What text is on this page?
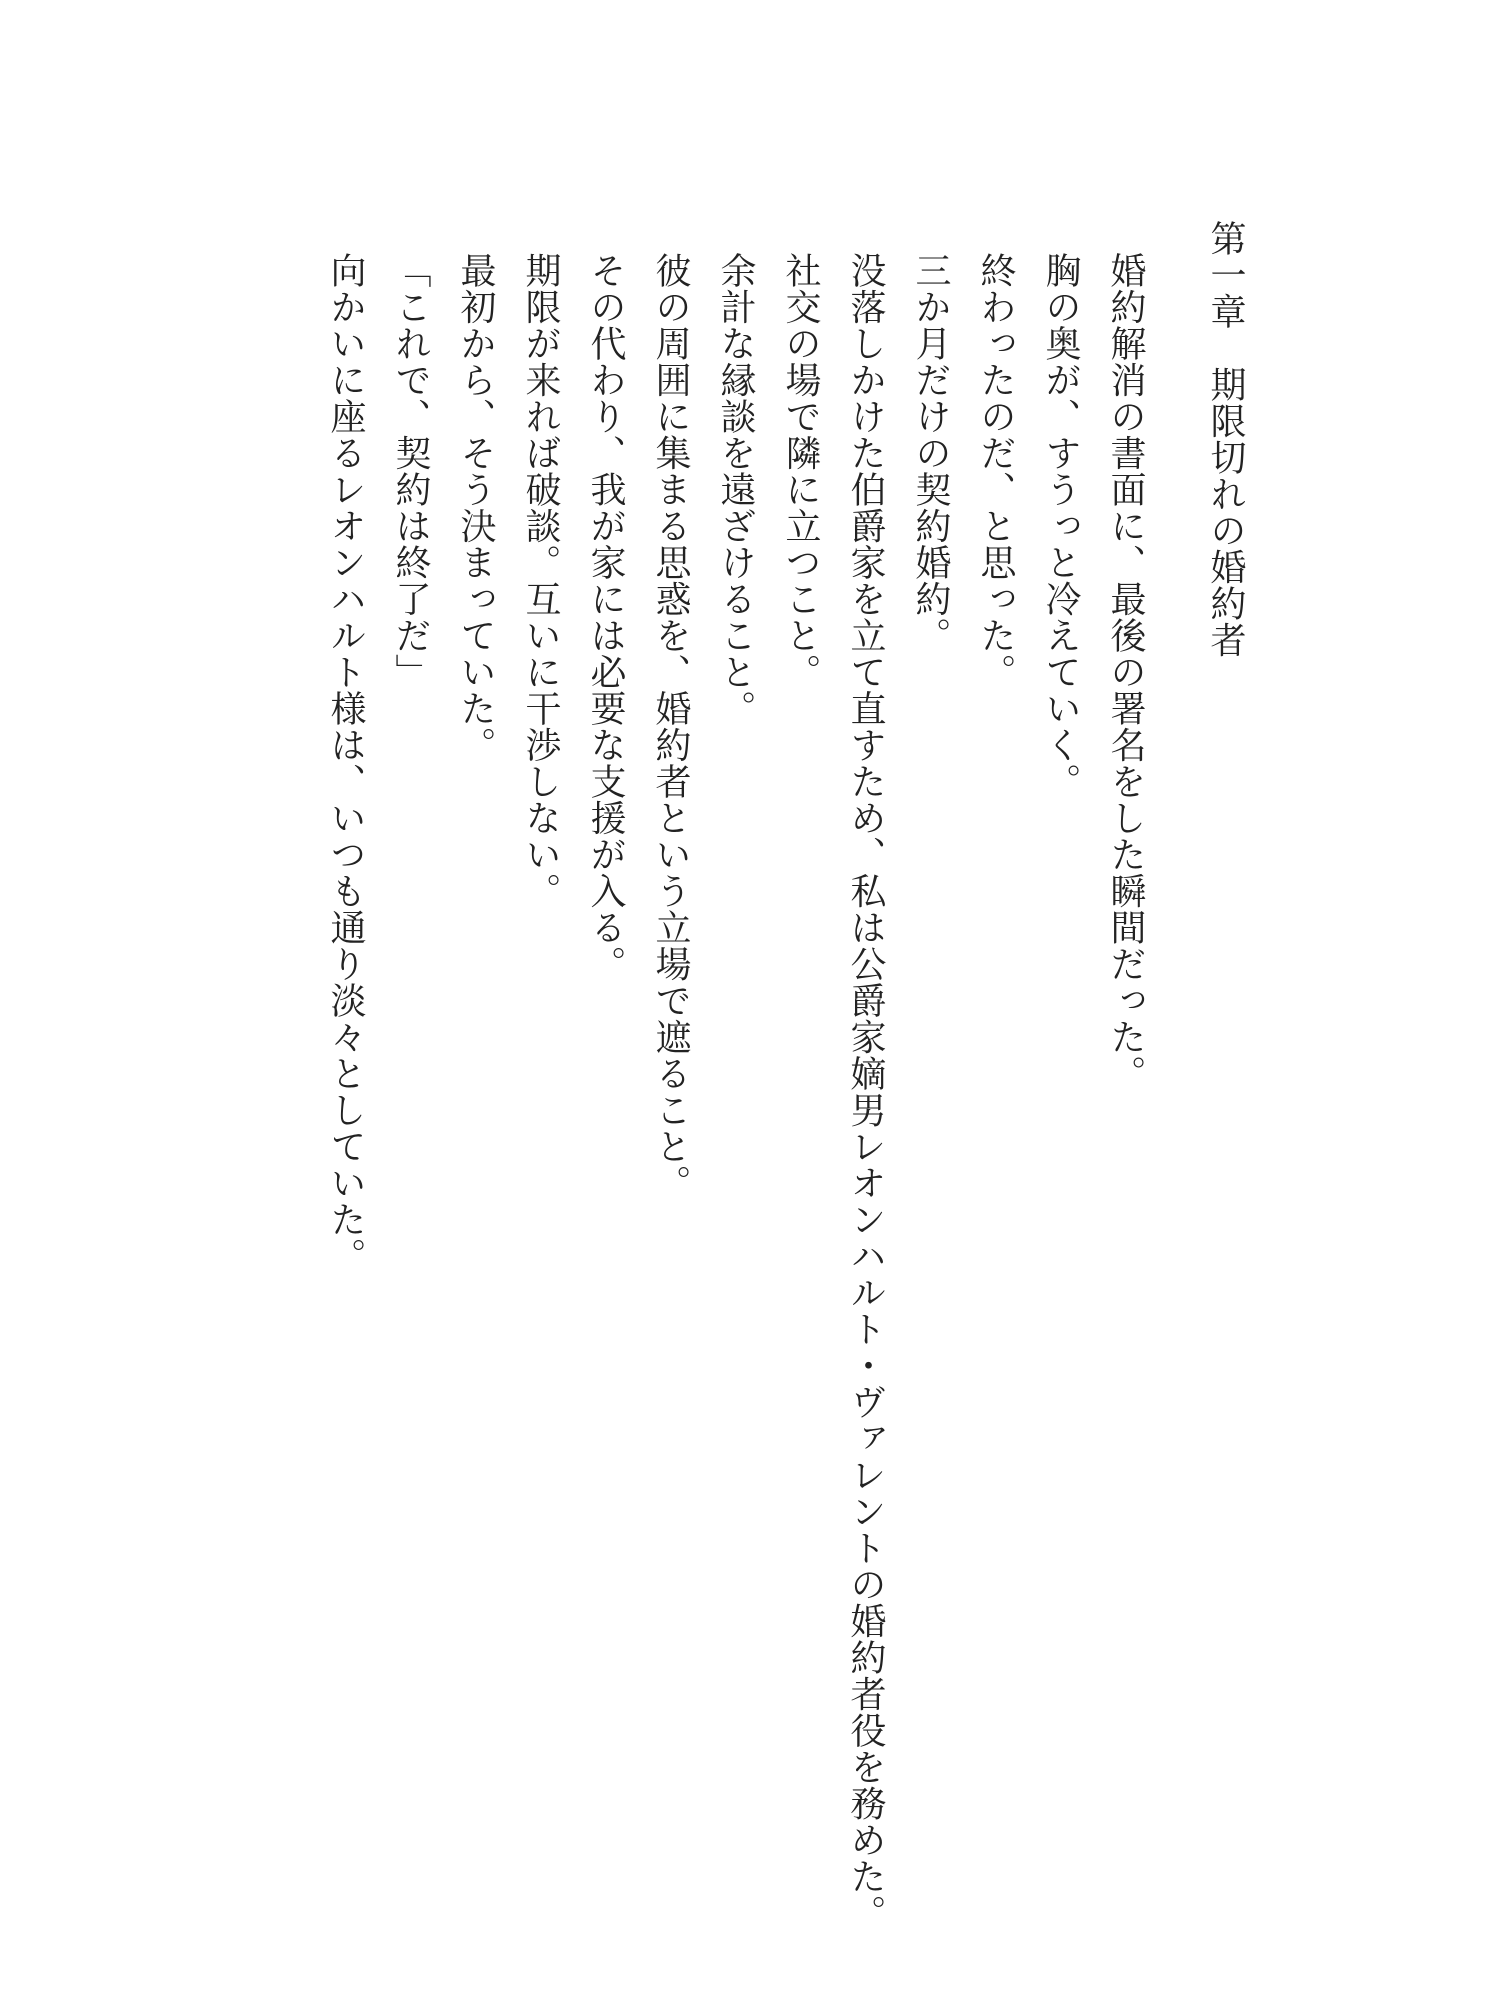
第一章　期限切れの婚約者
婚約解消の書面に、最後の署名をした瞬間だった。
胸の奥が、すうっと冷えていく。
終わったのだ、と思った。
三か月だけの契約婚約。
没落しかけた伯爵家を立て直すため、私は公爵家嫡男レオンハルト・ヴァレントの婚約者役を務めた。
社交の場で隣に立つこと。
余計な縁談を遠ざけること。
彼の周囲に集まる思惑を、婚約者という立場で遮ること。
その代わり、我が家には必要な支援が入る。
期限が来れば破談。互いに干渉しない。
最初から、そう決まっていた。
「これで、契約は終了だ」
向かいに座るレオンハルト様は、いつも通り淡々としていた。
